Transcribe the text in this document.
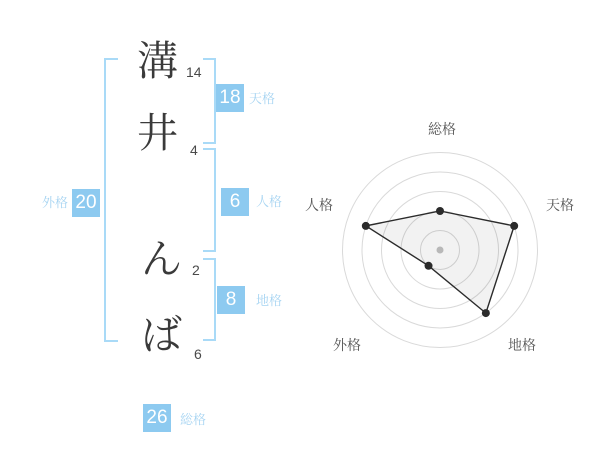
溝 14
井 4
ん 2
ば 6
18 天格
6	人格
8	地格
外格 20
26 総格
総格
天格
地格
外格
人格
